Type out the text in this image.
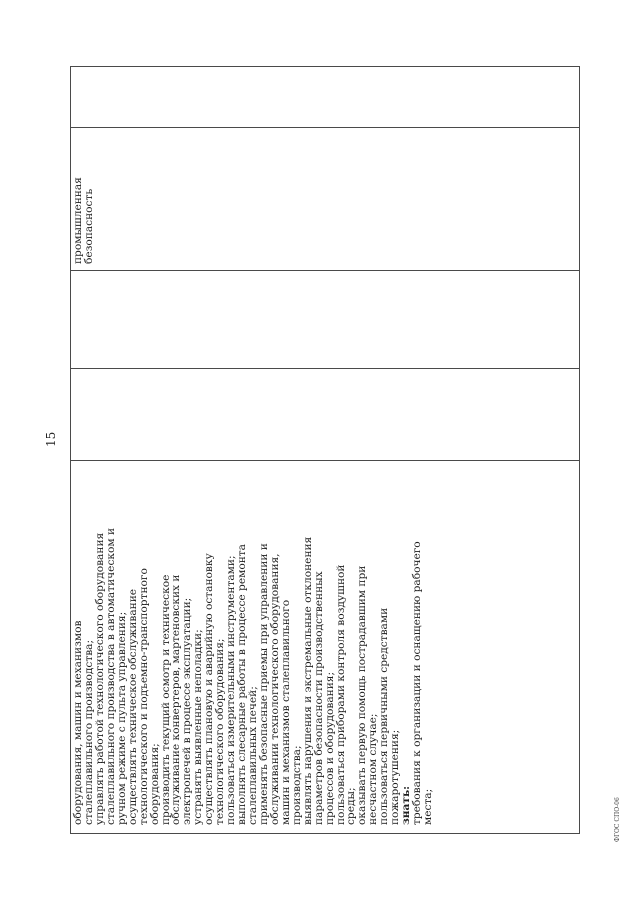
15
оборудования, машин и механизмов
сталеплавильного производства;
управлять работой технологического оборудования
сталеплавильного производства в автоматическом и
ручном режиме с пульта управления;
осуществлять техническое обслуживание
технологического и подъемно-транспортного
оборудования;
производить текущий осмотр и техническое
обслуживание конвертеров, мартеновских и
электропечей в процессе эксплуатации;
устранять выявленные неполадки;
осуществлять плановую и аварийную остановку
технологического оборудования;
пользоваться измерительными инструментами;
выполнять слесарные работы в процессе ремонта
сталеплавильных печей;
применять безопасные приемы при управлении и
обслуживании технологического оборудования,
машин и механизмов сталеплавильного
производства;
выявлять нарушения и экстремальные отклонения
параметров безопасности производственных
процессов и оборудования;
пользоваться приборами контроля воздушной
среды;
оказывать первую помощь пострадавшим при
несчастном случае;
пользоваться первичными средствами
пожаротушения;
знать:
требования к организации и оснащению рабочего
места;
промышленная безопасность
ФГОС СПО-06
